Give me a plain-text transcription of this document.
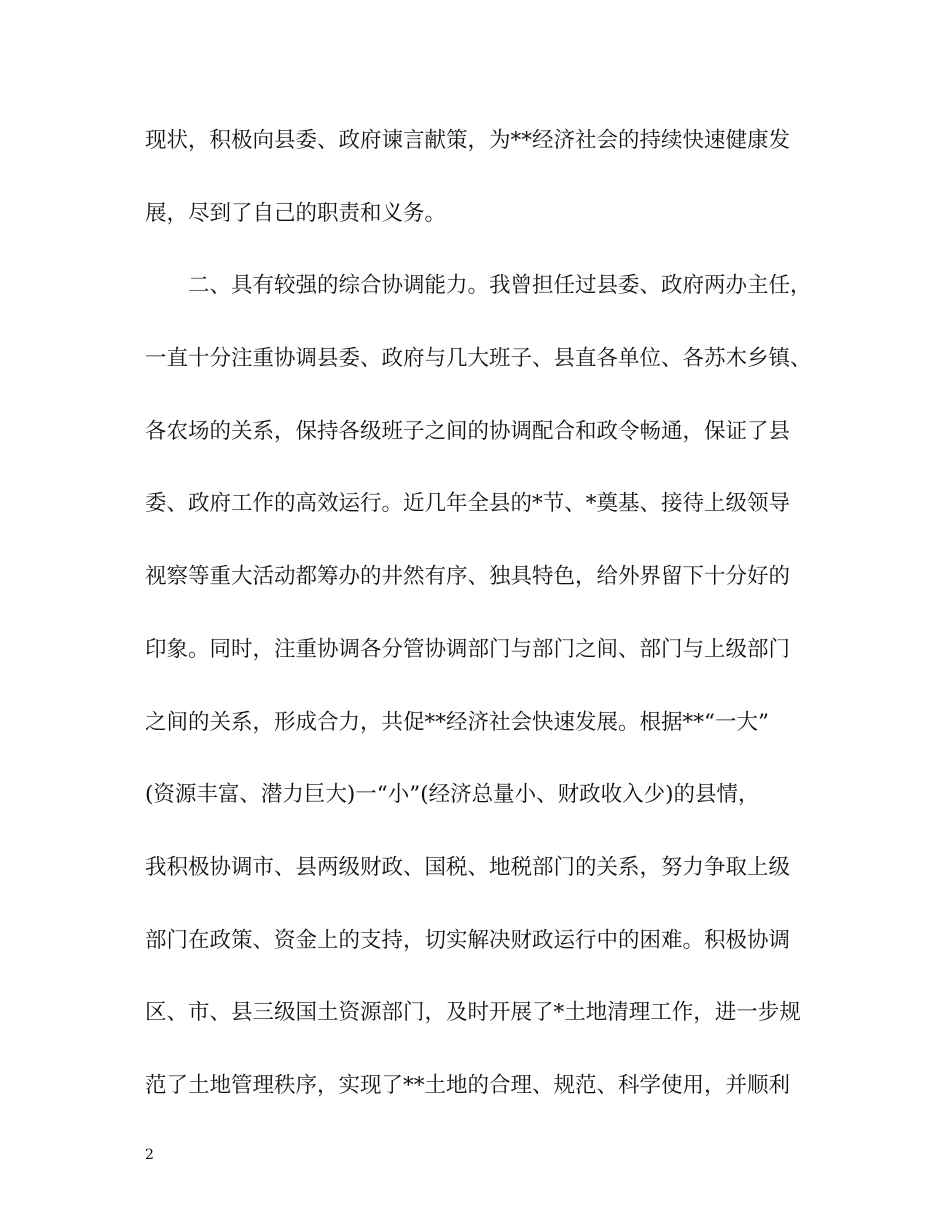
现状，积极向县委、政府谏言献策，为**经济社会的持续快速健康发
展，尽到了自己的职责和义务。
二、具有较强的综合协调能力。我曾担任过县委、政府两办主任，
一直十分注重协调县委、政府与几大班子、县直各单位、各苏木乡镇、
各农场的关系，保持各级班子之间的协调配合和政令畅通，保证了县
委、政府工作的高效运行。近几年全县的*节、*奠基、接待上级领导
视察等重大活动都筹办的井然有序、独具特色，给外界留下十分好的
印象。同时，注重协调各分管协调部门与部门之间、部门与上级部门
之间的关系，形成合力，共促**经济社会快速发展。根据**“一大”
(资源丰富、潜力巨大)一“小”(经济总量小、财政收入少)的县情，
我积极协调市、县两级财政、国税、地税部门的关系，努力争取上级
部门在政策、资金上的支持，切实解决财政运行中的困难。积极协调
区、市、县三级国土资源部门，及时开展了*土地清理工作，进一步规
范了土地管理秩序，实现了**土地的合理、规范、科学使用，并顺利
2
